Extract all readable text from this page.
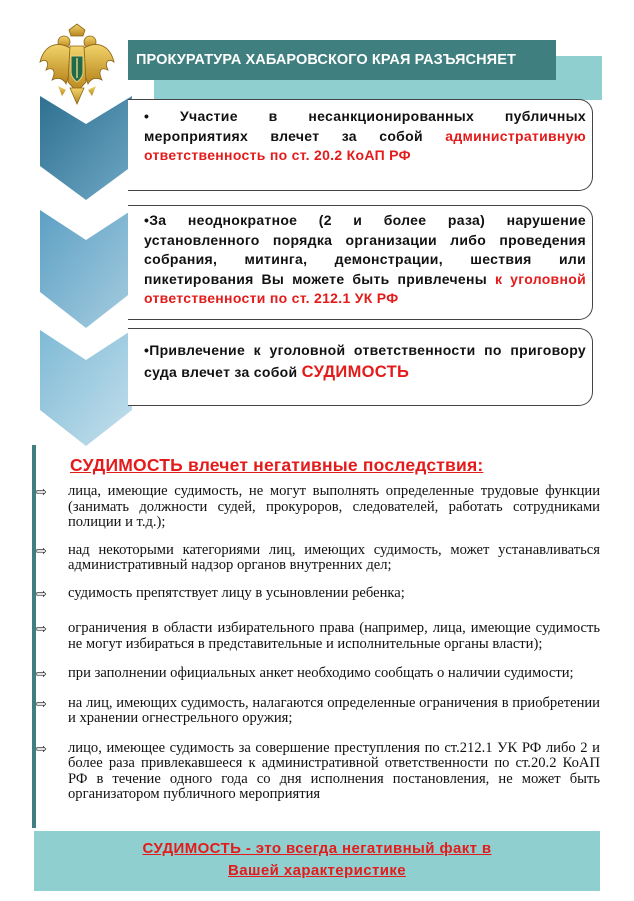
ПРОКУРАТУРА ХАБАРОВСКОГО КРАЯ РАЗЪЯСНЯЕТ
• Участие в несанкционированных публичных мероприятиях влечет за собой административную ответственность по ст. 20.2 КоАП РФ
•За неоднократное (2 и более раза) нарушение установленного порядка организации либо проведения собрания, митинга, демонстрации, шествия или пикетирования Вы можете быть привлечены к уголовной ответственности по ст. 212.1 УК РФ
•Привлечение к уголовной ответственности по приговору суда влечет за собой СУДИМОСТЬ
СУДИМОСТЬ влечет негативные последствия:
⇨ лица, имеющие судимость, не могут выполнять определенные трудовые функции (занимать должности судей, прокуроров, следователей, работать сотрудниками полиции и т.д.);
⇨ над некоторыми категориями лиц, имеющих судимость, может устанавливаться административный надзор органов внутренних дел;
⇨ судимость препятствует лицу в усыновлении ребенка;
⇨ ограничения в области избирательного права (например, лица, имеющие судимость не могут избираться в представительные и исполнительные органы власти);
⇨ при заполнении официальных анкет необходимо сообщать о наличии судимости;
⇨ на лиц, имеющих судимость, налагаются определенные ограничения в приобретении и хранении огнестрельного оружия;
⇨ лицо, имеющее судимость за совершение преступления по ст.212.1 УК РФ либо 2 и более раза привлекавшееся к административной ответственности по ст.20.2 КоАП РФ в течение одного года со дня исполнения постановления, не может быть организатором публичного мероприятия
СУДИМОСТЬ - это всегда негативный факт в
Вашей характеристике
